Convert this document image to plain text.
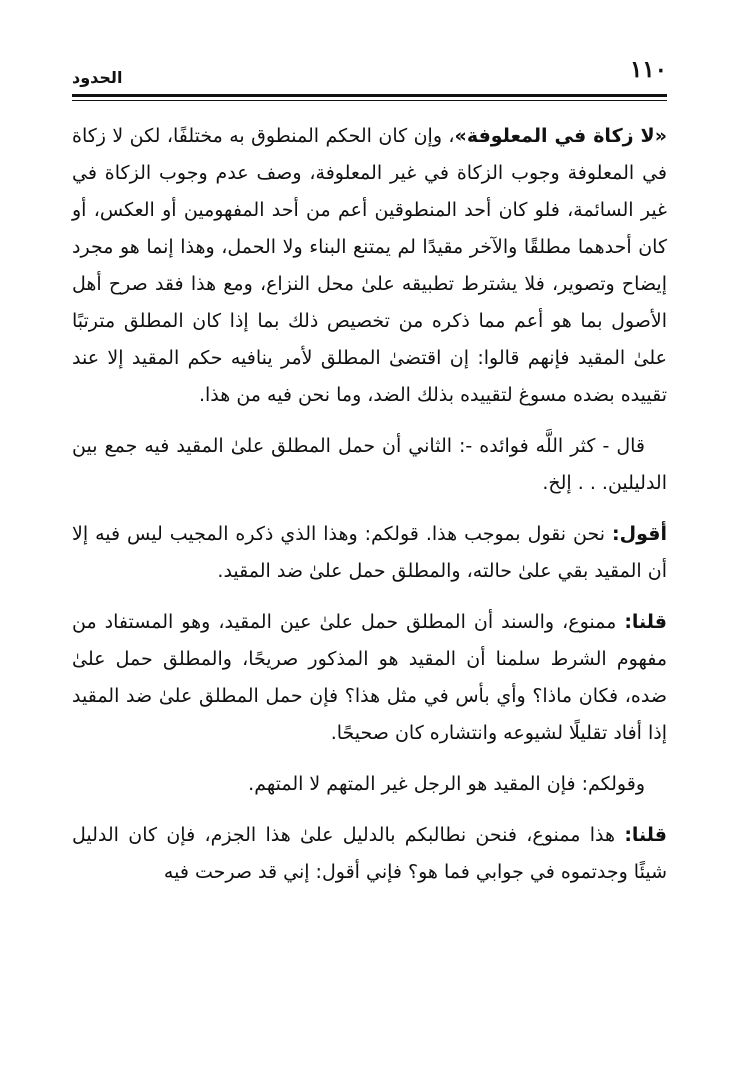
١١٠
الحدود

«لا زكاة في المعلوفة»، وإن كان الحكم المنطوق به مختلفًا، لكن لا زكاة في المعلوفة وجوب الزكاة في غير المعلوفة، وصف عدم وجوب الزكاة في غير السائمة، فلو كان أحد المنطوقين أعم من أحد المفهومين أو العكس، أو كان أحدهما مطلقًا والآخر مقيدًا لم يمتنع البناء ولا الحمل، وهذا إنما هو مجرد إيضاح وتصوير، فلا يشترط تطبيقه علىٰ محل النزاع، ومع هذا فقد صرح أهل الأصول بما هو أعم مما ذكره من تخصيص ذلك بما إذا كان المطلق مترتبًا علىٰ المقيد فإنهم قالوا: إن اقتضىٰ المطلق لأمر ينافيه حكم المقيد إلا عند تقييده بضده مسوغ لتقييده بذلك الضد، وما نحن فيه من هذا.

قال - كثر اللَّه فوائده -: الثاني أن حمل المطلق علىٰ المقيد فيه جمع بين الدليلين. . . إلخ.

أقول: نحن نقول بموجب هذا. قولكم: وهذا الذي ذكره المجيب ليس فيه إلا أن المقيد بقي علىٰ حالته، والمطلق حمل علىٰ ضد المقيد.

قلنا: ممنوع، والسند أن المطلق حمل علىٰ عين المقيد، وهو المستفاد من مفهوم الشرط سلمنا أن المقيد هو المذكور صريحًا، والمطلق حمل علىٰ ضده، فكان ماذا؟ وأي بأس في مثل هذا؟ فإن حمل المطلق علىٰ ضد المقيد إذا أفاد تقليلًا لشيوعه وانتشاره كان صحيحًا.

وقولكم: فإن المقيد هو الرجل غير المتهم لا المتهم.

قلنا: هذا ممنوع، فنحن نطالبكم بالدليل علىٰ هذا الجزم، فإن كان الدليل شيئًا وجدتموه في جوابي فما هو؟ فإني أقول: إني قد صرحت فيه
